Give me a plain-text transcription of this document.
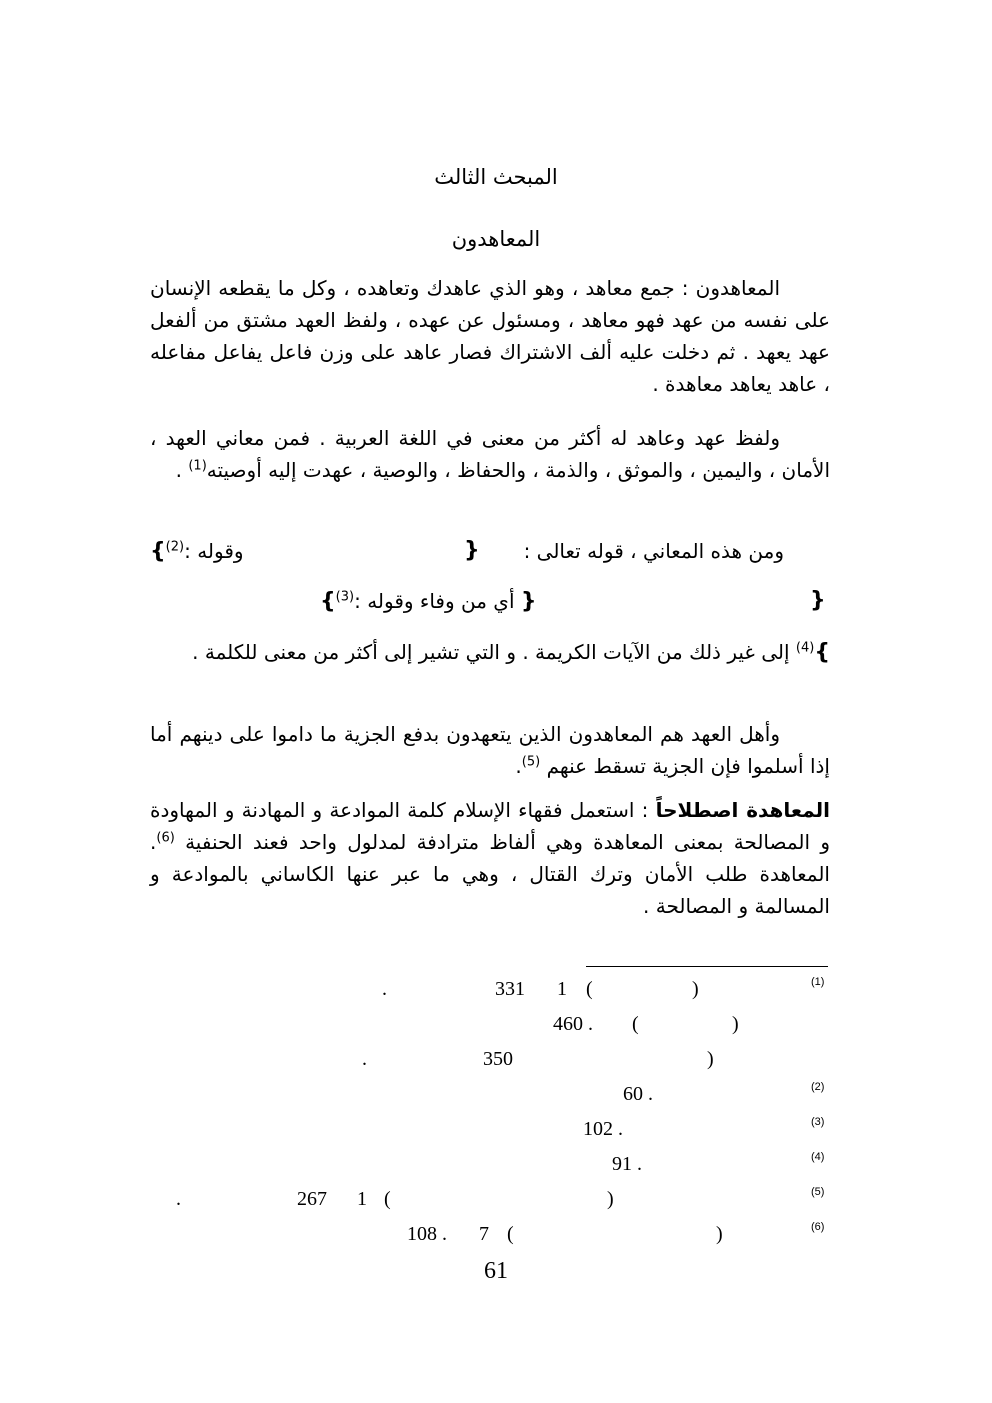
المبحث الثالث
المعاهدون
المعاهدون : جمع معاهد ، وهو الذي عاهدك وتعاهده ، وكل ما يقطعه الإنسان على نفسه من عهد فهو معاهد ، ومسئول عن عهده ، ولفظ العهد مشتق من ألفعل عهد يعهد . ثم دخلت عليه ألف الاشتراك فصار عاهد على وزن فاعل يفاعل مفاعله ، عاهد يعاهد معاهدة .
ولفظ عهد وعاهد له أكثر من معنى في اللغة العربية . فمن معاني العهد ، الأمان ، واليمين ، والموثق ، والذمة ، والحفاظ ، والوصية ، عهدت إليه أوصيته$^{(1)}$ .
ومن هذه المعاني ، قوله تعالى :
{
وقوله :$^{(2)}$}
{
{ أي من وفاء وقوله :$^{(3)}$}
}$^{(4)}$ إلى غير ذلك من الآيات الكريمة . و التي تشير إلى أكثر من معنى للكلمة .
وأهل العهد هم المعاهدون الذين يتعهدون بدفع الجزية ما داموا على دينهم أما إذا أسلموا فإن الجزية تسقط عنهم $^{(5)}$.
المعاهدة اصطلاحاً : استعمل فقهاء الإسلام كلمة الموادعة و المهادنة و المهاودة و المصالحة بمعنى المعاهدة وهي ألفاظ مترادفة لمدلول واحد فعند الحنفية $^{(6)}$. المعاهدة طلب الأمان وترك القتال ، وهي ما عبر عنها الكاساني بالموادعة و المسالمة و المصالحة .
(1)
)
(
1
331
.
)
(
460 .
)
350
.
(2)
60 .
(3)
102 .
(4)
91 .
(5)
)
(
1
267
.
(6)
)
(
7
108 .
61
